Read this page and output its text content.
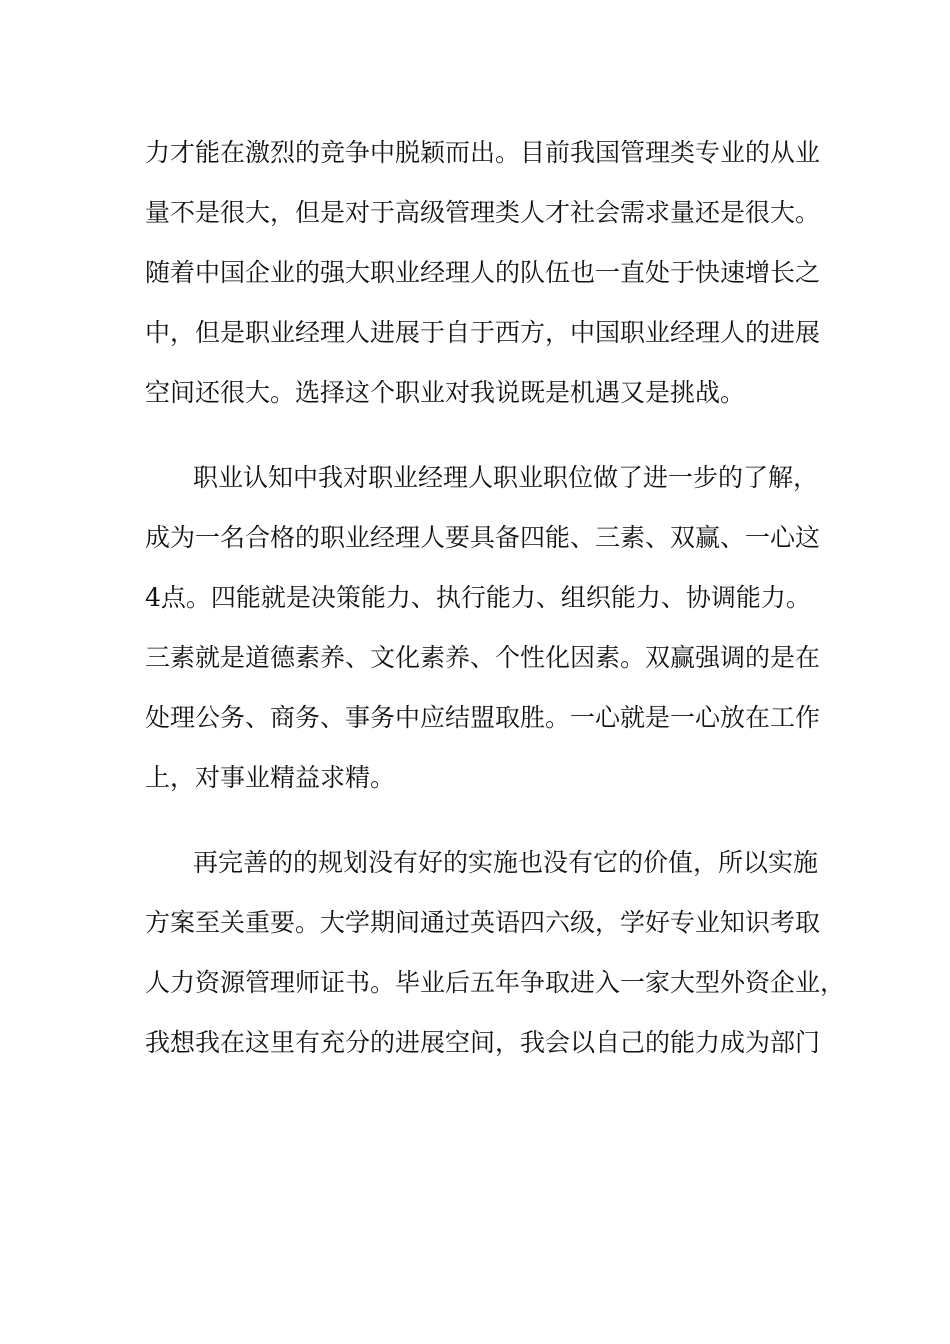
力才能在激烈的竞争中脱颖而出。目前我国管理类专业的从业
量不是很大，但是对于高级管理类人才社会需求量还是很大。
随着中国企业的强大职业经理人的队伍也一直处于快速增长之
中，但是职业经理人进展于自于西方，中国职业经理人的进展
空间还很大。选择这个职业对我说既是机遇又是挑战。
职业认知中我对职业经理人职业职位做了进一步的了解，
成为一名合格的职业经理人要具备四能、三素、双赢、一心这
4点。四能就是决策能力、执行能力、组织能力、协调能力。
三素就是道德素养、文化素养、个性化因素。双赢强调的是在
处理公务、商务、事务中应结盟取胜。一心就是一心放在工作
上，对事业精益求精。
再完善的的规划没有好的实施也没有它的价值，所以实施
方案至关重要。大学期间通过英语四六级，学好专业知识考取
人力资源管理师证书。毕业后五年争取进入一家大型外资企业，
我想我在这里有充分的进展空间，我会以自己的能力成为部门
